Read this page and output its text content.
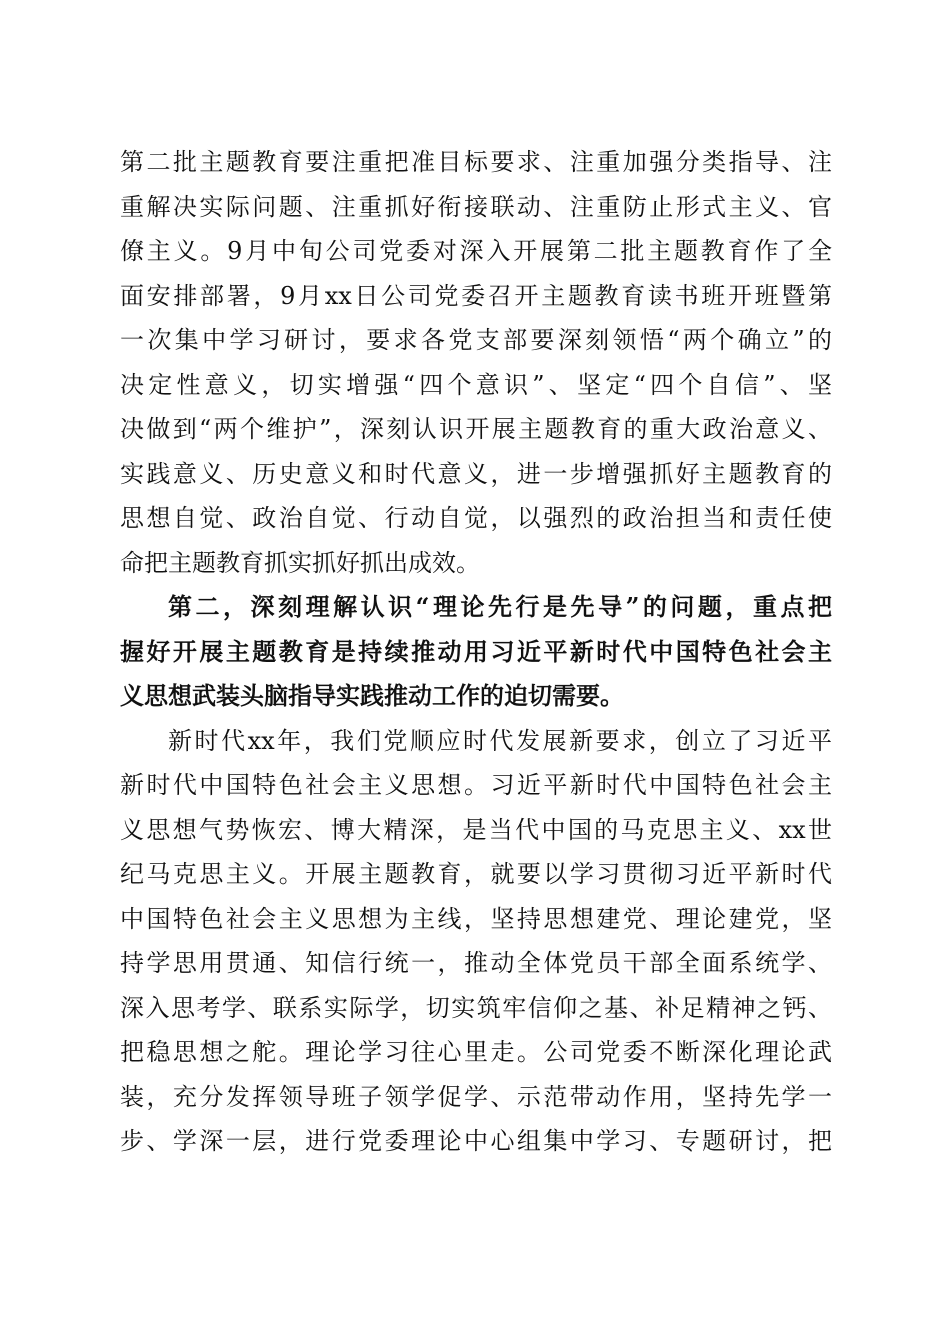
第二批主题教育要注重把准目标要求、注重加强分类指导、注
重解决实际问题、注重抓好衔接联动、注重防止形式主义、官
僚主义。9月中旬公司党委对深入开展第二批主题教育作了全
面安排部署，9月xx日公司党委召开主题教育读书班开班暨第
一次集中学习研讨，要求各党支部要深刻领悟“两个确立”的
决定性意义，切实增强“四个意识”、坚定“四个自信”、坚
决做到“两个维护”，深刻认识开展主题教育的重大政治意义、
实践意义、历史意义和时代意义，进一步增强抓好主题教育的
思想自觉、政治自觉、行动自觉，以强烈的政治担当和责任使
命把主题教育抓实抓好抓出成效。
第二，深刻理解认识“理论先行是先导”的问题，重点把
握好开展主题教育是持续推动用习近平新时代中国特色社会主
义思想武装头脑指导实践推动工作的迫切需要。
新时代xx年，我们党顺应时代发展新要求，创立了习近平
新时代中国特色社会主义思想。习近平新时代中国特色社会主
义思想气势恢宏、博大精深，是当代中国的马克思主义、xx世
纪马克思主义。开展主题教育，就要以学习贯彻习近平新时代
中国特色社会主义思想为主线，坚持思想建党、理论建党，坚
持学思用贯通、知信行统一，推动全体党员干部全面系统学、
深入思考学、联系实际学，切实筑牢信仰之基、补足精神之钙、
把稳思想之舵。理论学习往心里走。公司党委不断深化理论武
装，充分发挥领导班子领学促学、示范带动作用，坚持先学一
步、学深一层，进行党委理论中心组集中学习、专题研讨，把
